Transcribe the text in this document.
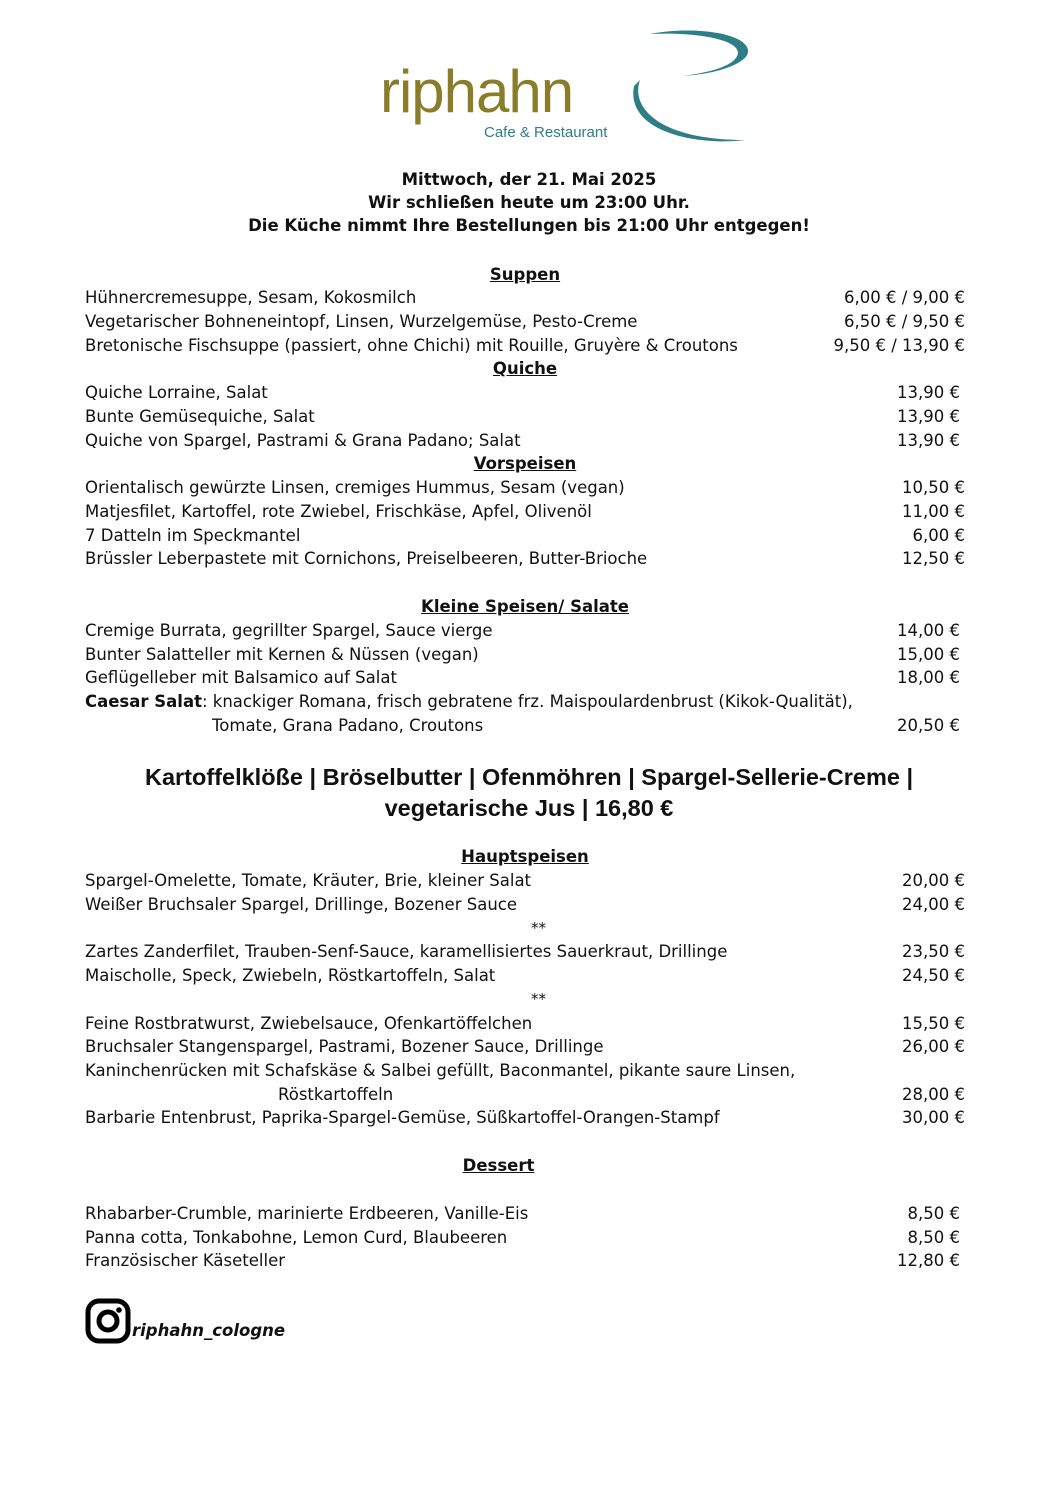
riphahn
Cafe & Restaurant
Mittwoch, der 21. Mai 2025
Wir schließen heute um 23:00 Uhr.
Die Küche nimmt Ihre Bestellungen bis 21:00 Uhr entgegen!
Suppen
Hühnercremesuppe, Sesam, Kokosmilch	6,00 € / 9,00 €
Vegetarischer Bohneneintopf, Linsen, Wurzelgemüse, Pesto-Creme	6,50 € / 9,50 €
Bretonische Fischsuppe (passiert, ohne Chichi) mit Rouille, Gruyère & Croutons	9,50 € / 13,90 €
Quiche
Quiche Lorraine, Salat	13,90 €
Bunte Gemüsequiche, Salat	13,90 €
Quiche von Spargel, Pastrami & Grana Padano; Salat	13,90 €
Vorspeisen
Orientalisch gewürzte Linsen, cremiges Hummus, Sesam (vegan)	10,50 €
Matjesfilet, Kartoffel, rote Zwiebel, Frischkäse, Apfel, Olivenöl	11,00 €
7 Datteln im Speckmantel	6,00 €
Brüssler Leberpastete mit Cornichons, Preiselbeeren, Butter-Brioche	12,50 €
Kleine Speisen/ Salate
Cremige Burrata, gegrillter Spargel, Sauce vierge	14,00 €
Bunter Salatteller mit Kernen & Nüssen (vegan)	15,00 €
Geflügelleber mit Balsamico auf Salat	18,00 €
Caesar Salat: knackiger Romana, frisch gebratene frz. Maispoulardenbrust (Kikok-Qualität),
Tomate, Grana Padano, Croutons	20,50 €
Hauptspeisen
Spargel-Omelette, Tomate, Kräuter, Brie, kleiner Salat	20,00 €
Weißer Bruchsaler Spargel, Drillinge, Bozener Sauce	24,00 €
**
Zartes Zanderfilet, Trauben-Senf-Sauce, karamellisiertes Sauerkraut, Drillinge	23,50 €
Maischolle, Speck, Zwiebeln, Röstkartoffeln, Salat	24,50 €
**
Feine Rostbratwurst, Zwiebelsauce, Ofenkartöffelchen	15,50 €
Bruchsaler Stangenspargel, Pastrami, Bozener Sauce, Drillinge	26,00 €
Kaninchenrücken mit Schafskäse & Salbei gefüllt, Baconmantel, pikante saure Linsen,
Röstkartoffeln	28,00 €
Barbarie Entenbrust, Paprika-Spargel-Gemüse, Süßkartoffel-Orangen-Stampf	30,00 €
Dessert
Rhabarber-Crumble, marinierte Erdbeeren, Vanille-Eis	8,50 €
Panna cotta, Tonkabohne, Lemon Curd, Blaubeeren	8,50 €
Französischer Käseteller	12,80 €
Kartoffelklöße | Bröselbutter | Ofenmöhren | Spargel-Sellerie-Creme |
vegetarische Jus | 16,80 €
riphahn_cologne
